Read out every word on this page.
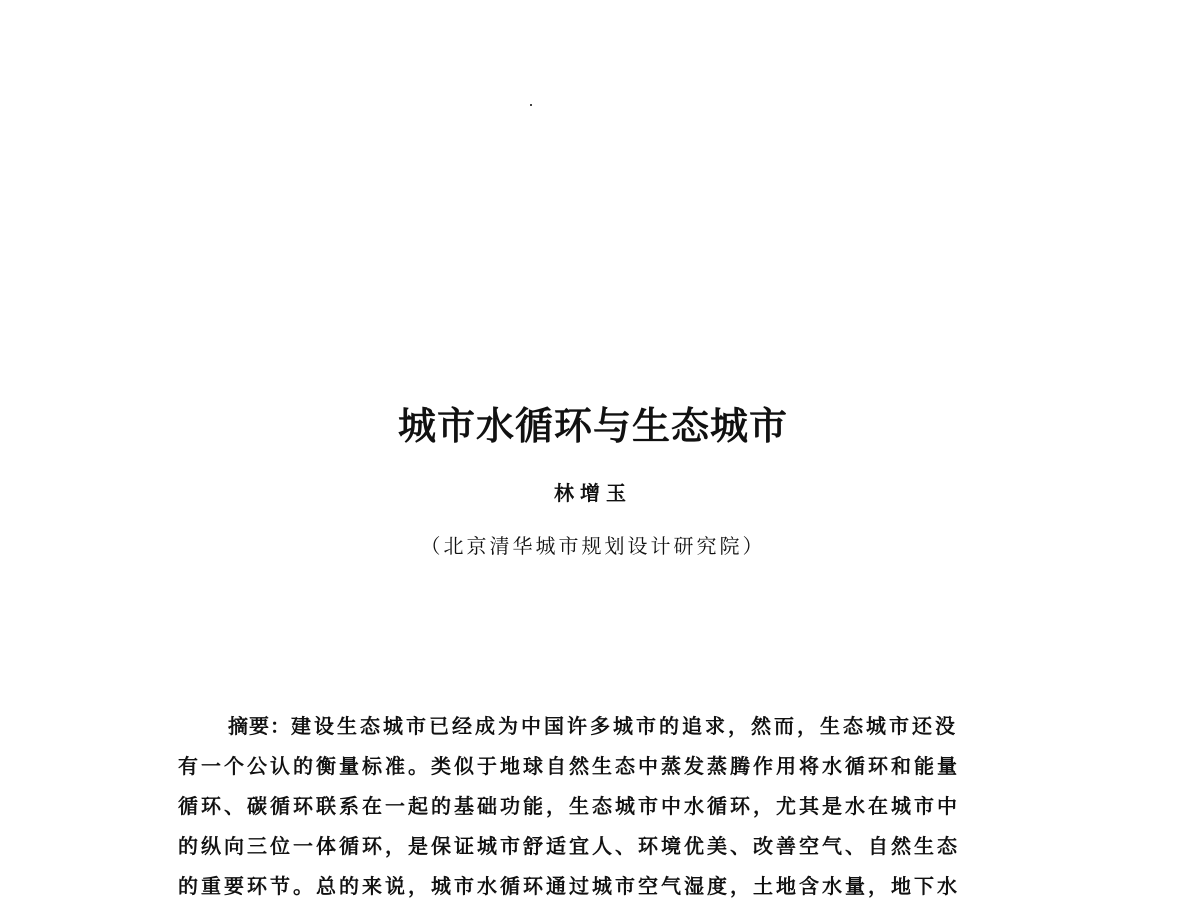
城市水循环与生态城市
林增玉
（北京清华城市规划设计研究院）
摘要：建设生态城市已经成为中国许多城市的追求，然而，生态城市还没
有一个公认的衡量标准。类似于地球自然生态中蒸发蒸腾作用将水循环和能量
循环、碳循环联系在一起的基础功能，生态城市中水循环，尤其是水在城市中
的纵向三位一体循环，是保证城市舒适宜人、环境优美、改善空气、自然生态
的重要环节。总的来说，城市水循环通过城市空气湿度，土地含水量，地下水
